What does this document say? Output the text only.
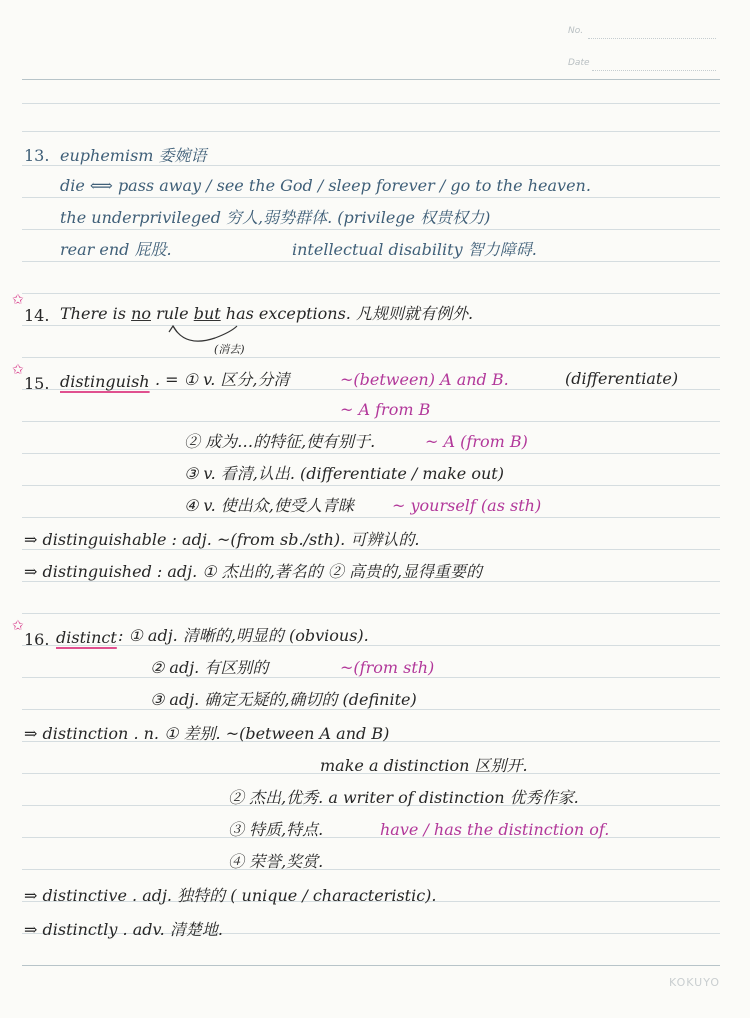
No.
Date
13. euphemism 委婉语
die ⟺ pass away / see the God / sleep forever / go to the heaven.
the underprivileged 穷人,弱势群体. (privilege 权贵权力)
rear end 屁股.	intellectual disability 智力障碍.
✩
14. There is no rule but has exceptions. 凡规则就有例外.
(消去)
✩
15. distinguish . = ① v. 区分,分清	~(between) A and B.	(differentiate)
~ A from B
② 成为…的特征,使有别于.	~ A (from B)
③ v. 看清,认出. (differentiate / make out)
④ v. 使出众,使受人青睐 ~ yourself (as sth)
⇒ distinguishable : adj. ~(from sb./sth). 可辨认的.
⇒ distinguished : adj. ① 杰出的,著名的 ② 高贵的,显得重要的
✩
16. distinct : ① adj. 清晰的,明显的 (obvious).
② adj. 有区别的	~(from sth)
③ adj. 确定无疑的,确切的 (definite)
⇒ distinction . n. ① 差别. ~(between A and B)
make a distinction 区别开.
② 杰出,优秀. a writer of distinction 优秀作家.
③ 特质,特点.	have / has the distinction of.
④ 荣誉,奖赏.
⇒ distinctive . adj. 独特的 ( unique / characteristic).
⇒ distinctly . adv. 清楚地.
KOKUYO
